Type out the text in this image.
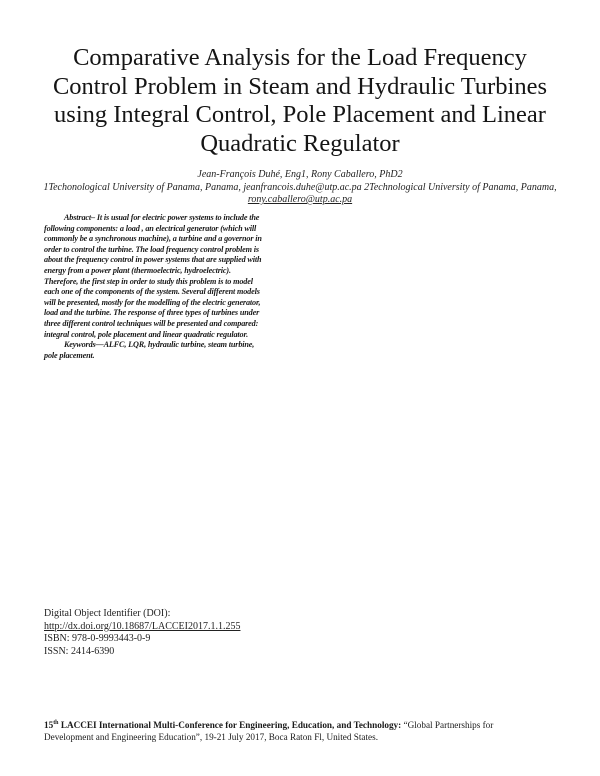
Comparative Analysis for the Load Frequency
Control Problem in Steam and Hydraulic Turbines
using Integral Control, Pole Placement and Linear
Quadratic Regulator
Jean-François Duhé, Eng1, Rony Caballero, PhD2
1Techonological University of Panama, Panama, jeanfrancois.duhe@utp.ac.pa 2Technological University of Panama, Panama,
rony.caballero@utp.ac.pa
Abstract– It is usual for electric power systems to include the
following components: a load , an electrical generator (which will
commonly be a synchronous machine), a turbine and a governor in
order to control the turbine. The load frequency control problem is
about the frequency control in power systems that are supplied with
energy from a power plant (thermoelectric, hydroelectric).
Therefore, the first step in order to study this problem is to model
each one of the components of the system. Several different models
will be presented, mostly for the modelling of the electric generator,
load and the turbine. The response of three types of turbines under
three different control techniques will be presented and compared:
integral control, pole placement and linear quadratic regulator.
Keywords—ALFC, LQR, hydraulic turbine, steam turbine,
pole placement.
Digital Object Identifier (DOI):
http://dx.doi.org/10.18687/LACCEI2017.1.1.255
ISBN: 978-0-9993443-0-9
ISSN: 2414-6390
15th LACCEI International Multi-Conference for Engineering, Education, and Technology: “Global Partnerships for
Development and Engineering Education”, 19-21 July 2017, Boca Raton Fl, United States.
